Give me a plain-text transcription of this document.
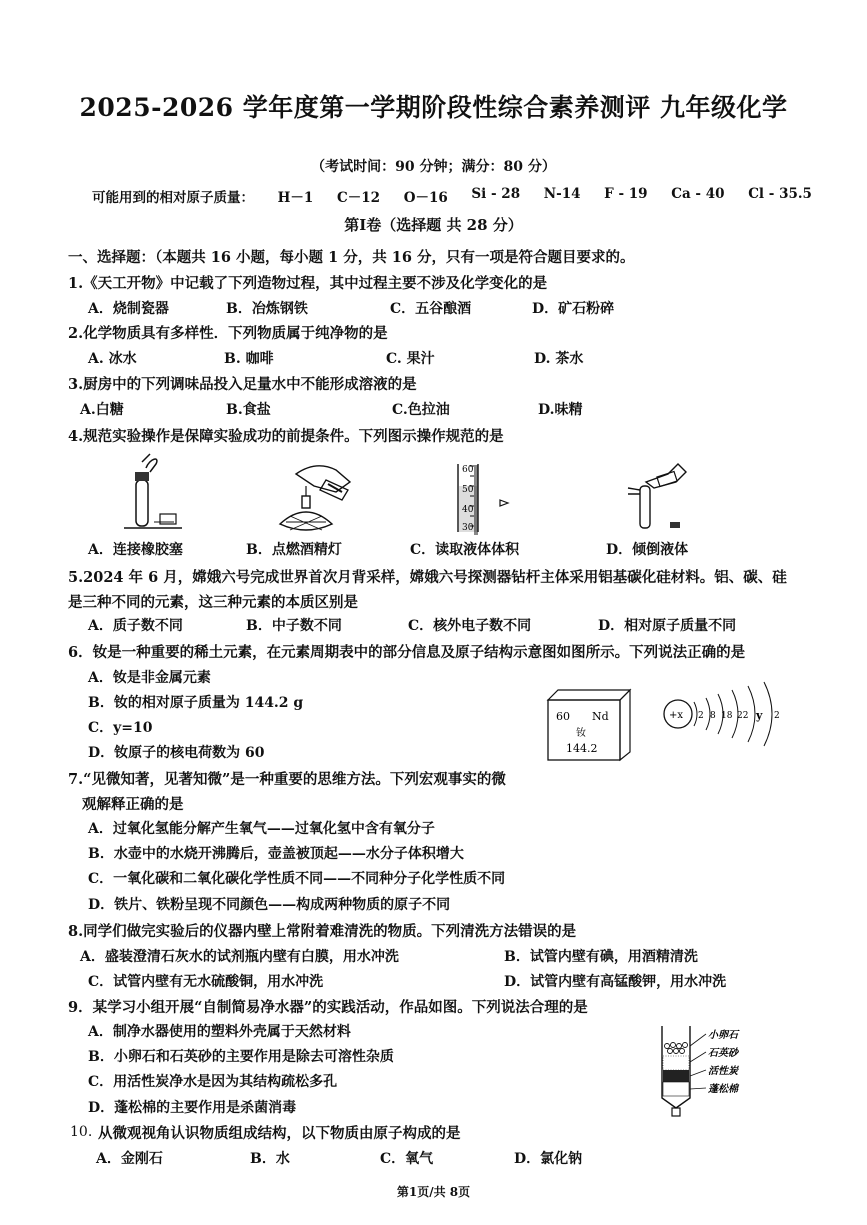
2025-2026 学年度第一学期阶段性综合素养测评 九年级化学
（考试时间：90 分钟；满分：80 分）
可能用到的相对原子质量： H－1 C－12 O－16 Si - 28 N-14 F - 19 Ca - 40 Cl - 35.5
第Ⅰ卷（选择题 共 28 分）
一、选择题：（本题共 16 小题，每小题 1 分，共 16 分，只有一项是符合题目要求的。
1.《天工开物》中记载了下列造物过程，其中过程主要不涉及化学变化的是
A．烧制瓷器	B．冶炼钢铁	C．五谷酿酒	D．矿石粉碎
2.化学物质具有多样性．下列物质属于纯净物的是
A. 冰水	B. 咖啡	C. 果汁	D. 茶水
3.厨房中的下列调味品投入足量水中不能形成溶液的是
A.白糖	B.食盐	C.色拉油	D.味精
4.规范实验操作是保障实验成功的前提条件。下列图示操作规范的是
60
50
40
30
A．连接橡胶塞	B．点燃酒精灯	C．读取液体体积	D．倾倒液体
5.2024 年 6 月，嫦娥六号完成世界首次月背采样，嫦娥六号探测器钻杆主体采用铝基碳化硅材料。铝、碳、硅
是三种不同的元素，这三种元素的本质区别是
A．质子数不同	B．中子数不同	C．核外电子数不同	D．相对原子质量不同
6．钕是一种重要的稀土元素，在元素周期表中的部分信息及原子结构示意图如图所示。下列说法正确的是
A．钕是非金属元素
B．钕的相对原子质量为 144.2 g
C．y=10
D．钕原子的核电荷数为 60
60 Nd
钕
144.2
+x 2 8 18 22 y 2
7.“见微知著，见著知微”是一种重要的思维方法。下列宏观事实的微
观解释正确的是
A．过氧化氢能分解产生氧气——过氧化氢中含有氧分子
B．水壶中的水烧开沸腾后，壶盖被顶起——水分子体积增大
C．一氧化碳和二氧化碳化学性质不同——不同种分子化学性质不同
D．铁片、铁粉呈现不同颜色——构成两种物质的原子不同
8.同学们做完实验后的仪器内壁上常附着难清洗的物质。下列清洗方法错误的是
A．盛装澄清石灰水的试剂瓶内壁有白膜，用水冲洗	B．试管内壁有碘，用酒精清洗
C．试管内壁有无水硫酸铜，用水冲洗	D．试管内壁有高锰酸钾，用水冲洗
9．某学习小组开展“自制简易净水器”的实践活动，作品如图。下列说法合理的是
A．制净水器使用的塑料外壳属于天然材料
B．小卵石和石英砂的主要作用是除去可溶性杂质
C．用活性炭净水是因为其结构疏松多孔
D．蓬松棉的主要作用是杀菌消毒
小卵石
石英砂
活性炭
蓬松棉
10. 从微观视角认识物质组成结构，以下物质由原子构成的是
A．金刚石	B．水	C．氧气	D．氯化钠
第1页/共 8页
